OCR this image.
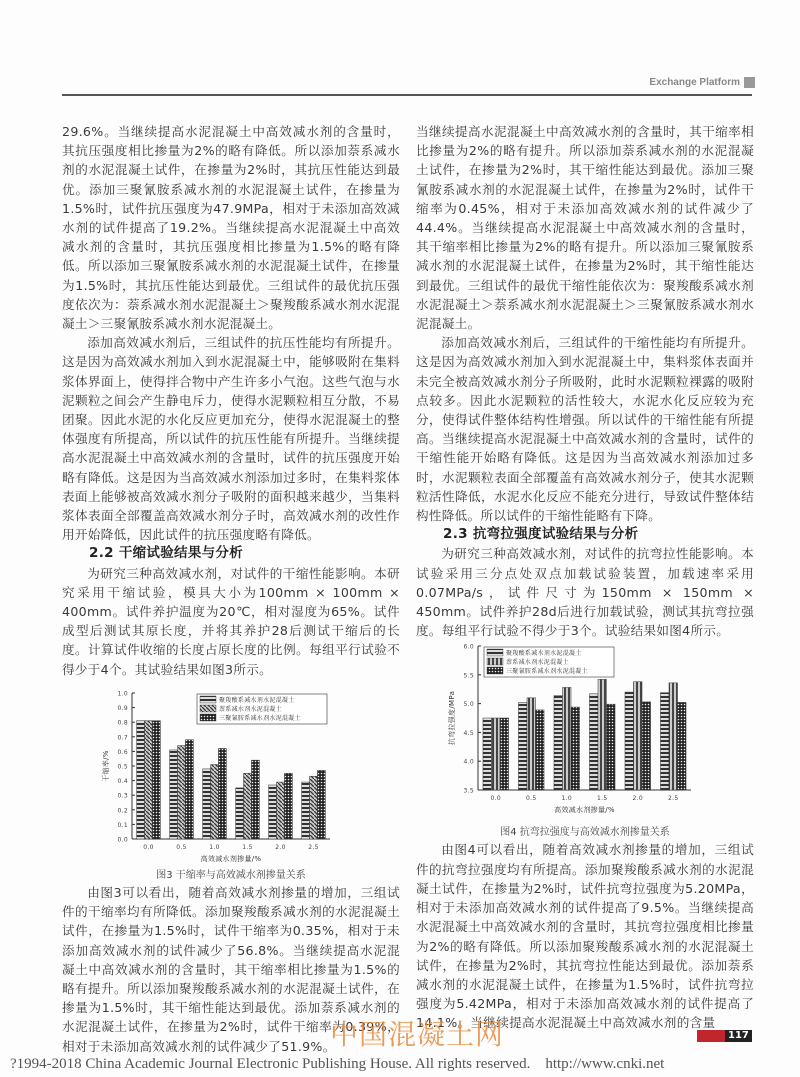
Exchange Platform

29.6%。当继续提高水泥混凝土中高效减水剂的含量时，其抗压强度相比掺量为2%的略有降低。所以添加萘系减水剂的水泥混凝土试件，在掺量为2%时，其抗压性能达到最优。添加三聚氰胺系减水剂的水泥混凝土试件，在掺量为1.5%时，试件抗压强度为47.9MPa，相对于未添加高效减水剂的试件提高了19.2%。当继续提高水泥混凝土中高效减水剂的含量时，其抗压强度相比掺量为1.5%的略有降低。所以添加三聚氰胺系减水剂的水泥混凝土试件，在掺量为1.5%时，其抗压性能达到最优。三组试件的最优抗压强度依次为：萘系减水剂水泥混凝土＞聚羧酸系减水剂水泥混凝土＞三聚氰胺系减水剂水泥混凝土。

添加高效减水剂后，三组试件的抗压性能均有所提升。这是因为高效减水剂加入到水泥混凝土中，能够吸附在集料浆体界面上，使得拌合物中产生许多小气泡。这些气泡与水泥颗粒之间会产生静电斥力，使得水泥颗粒相互分散，不易团聚。因此水泥的水化反应更加充分，使得水泥混凝土的整体强度有所提高，所以试件的抗压性能有所提升。当继续提高水泥混凝土中高效减水剂的含量时，试件的抗压强度开始略有降低。这是因为当高效减水剂添加过多时，在集料浆体表面上能够被高效减水剂分子吸附的面积越来越少，当集料浆体表面全部覆盖高效减水剂分子时，高效减水剂的改性作用开始降低，因此试件的抗压强度略有降低。

2.2 干缩试验结果与分析

为研究三种高效减水剂，对试件的干缩性能影响。本研究采用干缩试验，模具大小为100mm × 100mm × 400mm。试件养护温度为20℃，相对湿度为65%。试件成型后测试其原长度，并将其养护28后测试干缩后的长度。计算试件收缩的长度占原长度的比例。每组平行试验不得少于4个。其试验结果如图3所示。

0.0
0.1
0.2
0.3
0.4
0.5
0.6
0.7
0.8
0.9
1.0
0.0	0.5	1.0	1.5	2.0	2.5
高效减水剂掺量/%
干缩率/%
聚羧酸系减水剂水泥混凝土
萘系减水剂水泥混凝土
三聚氰胺系减水剂水泥混凝土

图3 干缩率与高效减水剂掺量关系

由图3可以看出，随着高效减水剂掺量的增加，三组试件的干缩率均有所降低。添加聚羧酸系减水剂的水泥混凝土试件，在掺量为1.5%时，试件干缩率为0.35%，相对于未添加高效减水剂的试件减少了56.8%。当继续提高水泥混凝土中高效减水剂的含量时，其干缩率相比掺量为1.5%的略有提升。所以添加聚羧酸系减水剂的水泥混凝土试件，在掺量为1.5%时，其干缩性能达到最优。添加萘系减水剂的水泥混凝土试件，在掺量为2%时，试件干缩率为0.39%，相对于未添加高效减水剂的试件减少了51.9%。

当继续提高水泥混凝土中高效减水剂的含量时，其干缩率相比掺量为2%的略有提升。所以添加萘系减水剂的水泥混凝土试件，在掺量为2%时，其干缩性能达到最优。添加三聚氰胺系减水剂的水泥混凝土试件，在掺量为2%时，试件干缩率为0.45%，相对于未添加高效减水剂的试件减少了44.4%。当继续提高水泥混凝土中高效减水剂的含量时，其干缩率相比掺量为2%的略有提升。所以添加三聚氰胺系减水剂的水泥混凝土试件，在掺量为2%时，其干缩性能达到最优。三组试件的最优干缩性能依次为：聚羧酸系减水剂水泥混凝土＞萘系减水剂水泥混凝土＞三聚氰胺系减水剂水泥混凝土。

添加高效减水剂后，三组试件的干缩性能均有所提升。这是因为高效减水剂加入到水泥混凝土中，集料浆体表面并未完全被高效减水剂分子所吸附，此时水泥颗粒裸露的吸附点较多。因此水泥颗粒的活性较大，水泥水化反应较为充分，使得试件整体结构性增强。所以试件的干缩性能有所提高。当继续提高水泥混凝土中高效减水剂的含量时，试件的干缩性能开始略有降低。这是因为当高效减水剂添加过多时，水泥颗粒表面全部覆盖有高效减水剂分子，使其水泥颗粒活性降低，水泥水化反应不能充分进行，导致试件整体结构性降低。所以试件的干缩性能略有下降。

2.3 抗弯拉强度试验结果与分析

为研究三种高效减水剂，对试件的抗弯拉性能影响。本试验采用三分点处双点加载试验装置，加载速率采用0.07MPa/s，试件尺寸为150mm × 150mm × 450mm。试件养护28d后进行加载试验，测试其抗弯拉强度。每组平行试验不得少于3个。试验结果如图4所示。

3.5
4.0
4.5
5.0
5.5
6.0
0.0	0.5	1.0	1.5	2.0	2.5
高效减水剂掺量/%
抗弯拉强度/MPa
聚羧酸系减水剂水泥混凝土
萘系减水剂水泥混凝土
三聚氰胺系减水剂水泥混凝土

图4 抗弯拉强度与高效减水剂掺量关系

由图4可以看出，随着高效减水剂掺量的增加，三组试件的抗弯拉强度均有所提高。添加聚羧酸系减水剂的水泥混凝土试件，在掺量为2%时，试件抗弯拉强度为5.20MPa，相对于未添加高效减水剂的试件提高了9.5%。当继续提高水泥混凝土中高效减水剂的含量时，其抗弯拉强度相比掺量为2%的略有降低。所以添加聚羧酸系减水剂的水泥混凝土试件，在掺量为2%时，其抗弯拉性能达到最优。添加萘系减水剂的水泥混凝土试件，在掺量为1.5%时，试件抗弯拉强度为5.42MPa，相对于未添加高效减水剂的试件提高了14.1%。当继续提高水泥混凝土中高效减水剂的含量

中国混凝土网	117
?1994-2018 China Academic Journal Electronic Publishing House. All rights reserved.    http://www.cnki.net
